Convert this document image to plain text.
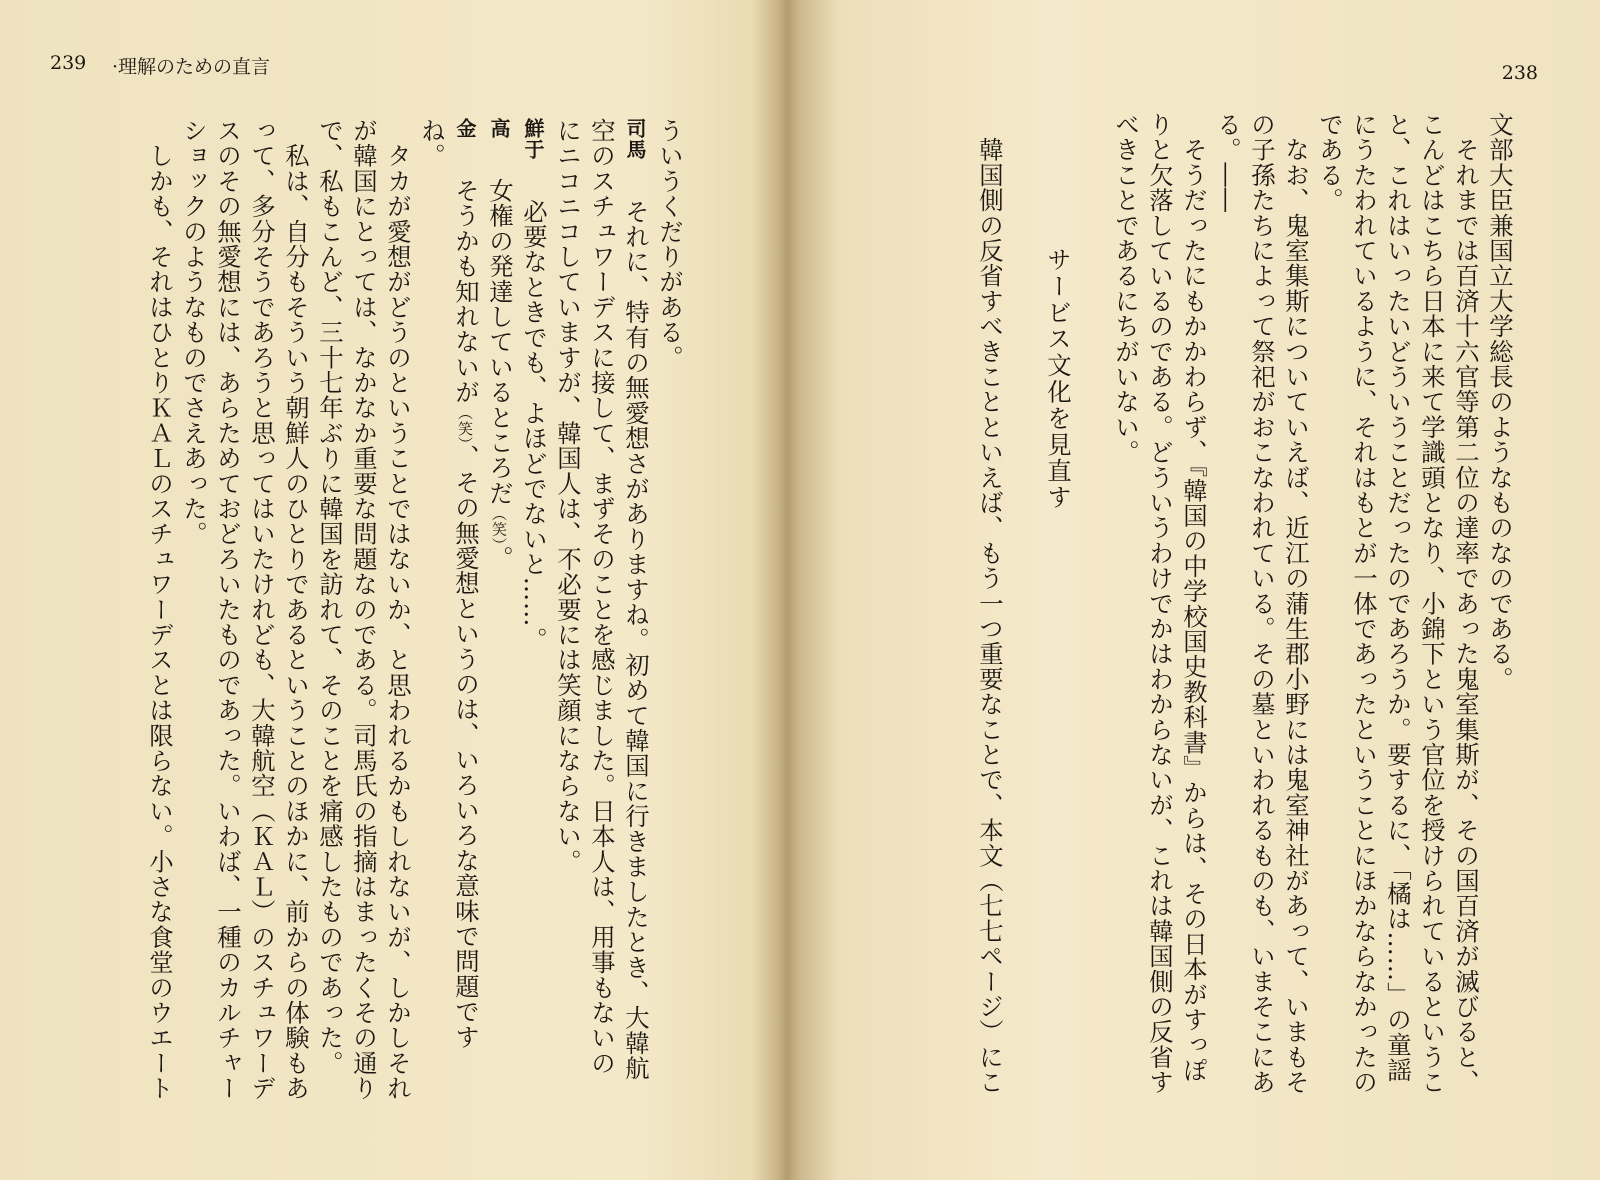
239 ·理解のための直言
ういうくだりがある。
司馬　それに、特有の無愛想さがありますね。初めて韓国に行きましたとき、大韓航
空のスチュワーデスに接して、まずそのことを感じました。日本人は、用事もないの
にニコニコしていますが、韓国人は、不必要には笑顔にならない。
鮮于　必要なときでも、よほどでないと……。
高　女権の発達しているところだ（笑）。
金　そうかも知れないが（笑）、その無愛想というのは、いろいろな意味で問題です
ね。
　タカが愛想がどうのということではないか、と思われるかもしれないが、しかしそれ
が韓国にとっては、なかなか重要な問題なのである。司馬氏の指摘はまったくその通り
で、私もこんど、三十七年ぶりに韓国を訪れて、そのことを痛感したものであった。
　私は、自分もそういう朝鮮人のひとりであるということのほかに、前からの体験もあ
って、多分そうであろうと思ってはいたけれども、大韓航空（ＫＡＬ）のスチュワーデ
スのその無愛想には、あらためておどろいたものであった。いわば、一種のカルチャー
ショックのようなものでさえあった。
　しかも、それはひとりＫＡＬのスチュワーデスとは限らない。小さな食堂のウエート
238
文部大臣兼国立大学総長のようなものなのである。
　それまでは百済十六官等第二位の達率であった鬼室集斯が、その国百済が滅びると、
こんどはこちら日本に来て学識頭となり、小錦下という官位を授けられているというこ
と、これはいったいどういうことだったのであろうか。要するに、「橘は……」の童謡
にうたわれているように、それはもとが一体であったということにほかならなかったの
である。
　なお、鬼室集斯についていえば、近江の蒲生郡小野には鬼室神社があって、いまもそ
の子孫たちによって祭祀がおこなわれている。その墓といわれるものも、いまそこにあ
る。――
　そうだったにもかかわらず、『韓国の中学校国史教科書』からは、その日本がすっぽ
りと欠落しているのである。どういうわけでかはわからないが、これは韓国側の反省す
べきことであるにちがいない。
サービス文化を見直す
　韓国側の反省すべきことといえば、もう一つ重要なことで、本文（七七ページ）にこ
